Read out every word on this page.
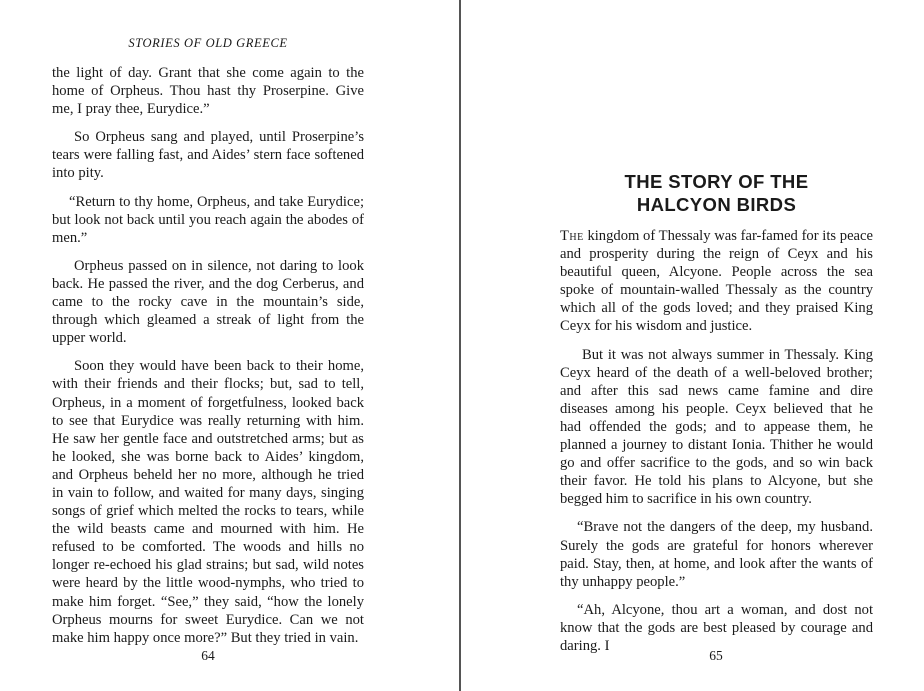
STORIES OF OLD GREECE

the light of day. Grant that she come again to the home of Orpheus. Thou hast thy Proserpine. Give me, I pray thee, Eurydice.”

So Orpheus sang and played, until Proserpine’s tears were falling fast, and Aides’ stern face softened into pity.

“Return to thy home, Orpheus, and take Eurydice; but look not back until you reach again the abodes of men.”

Orpheus passed on in silence, not daring to look back. He passed the river, and the dog Cerberus, and came to the rocky cave in the mountain’s side, through which gleamed a streak of light from the upper world.

Soon they would have been back to their home, with their friends and their flocks; but, sad to tell, Orpheus, in a moment of forgetfulness, looked back to see that Eurydice was really returning with him. He saw her gentle face and outstretched arms; but as he looked, she was borne back to Aides’ kingdom, and Orpheus beheld her no more, although he tried in vain to follow, and waited for many days, singing songs of grief which melted the rocks to tears, while the wild beasts came and mourned with him. He refused to be comforted. The woods and hills no longer re-echoed his glad strains; but sad, wild notes were heard by the little wood-nymphs, who tried to make him forget. “See,” they said, “how the lonely Orpheus mourns for sweet Eurydice. Can we not make him happy once more?” But they tried in vain.

64
THE STORY OF THE
HALCYON BIRDS

The kingdom of Thessaly was far-famed for its peace and prosperity during the reign of Ceyx and his beautiful queen, Alcyone. People across the sea spoke of mountain-walled Thessaly as the country which all of the gods loved; and they praised King Ceyx for his wisdom and justice.

But it was not always summer in Thessaly. King Ceyx heard of the death of a well-beloved brother; and after this sad news came famine and dire diseases among his people. Ceyx believed that he had offended the gods; and to appease them, he planned a journey to distant Ionia. Thither he would go and offer sacrifice to the gods, and so win back their favor. He told his plans to Alcyone, but she begged him to sacrifice in his own country.

“Brave not the dangers of the deep, my husband. Surely the gods are grateful for honors wherever paid. Stay, then, at home, and look after the wants of thy unhappy people.”

“Ah, Alcyone, thou art a woman, and dost not know that the gods are best pleased by courage and daring. I

65
